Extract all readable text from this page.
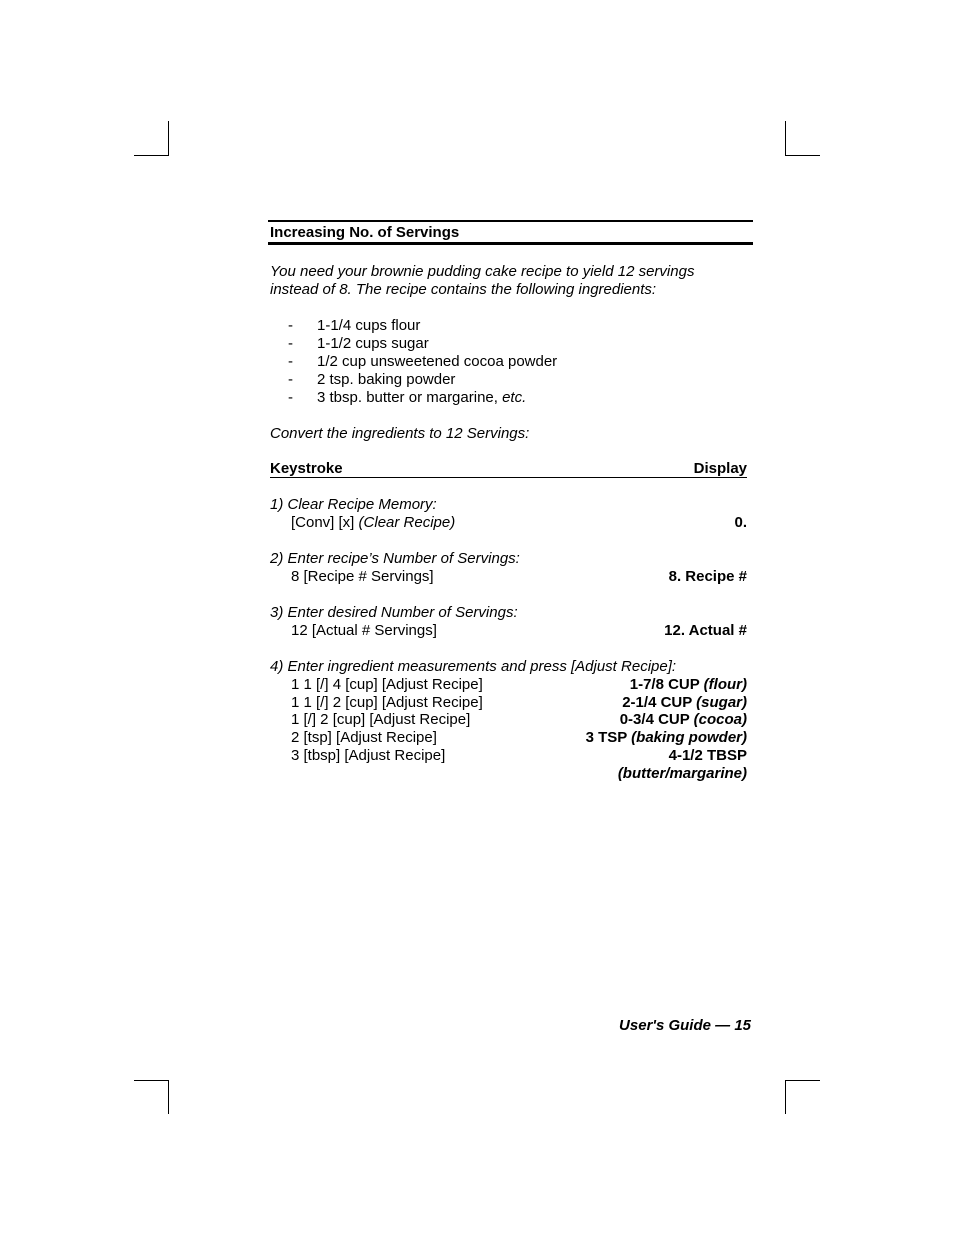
Increasing No. of Servings
You need your brownie pudding cake recipe to yield 12 servings
instead of 8. The recipe contains the following ingredients:
- 1-1/4 cups flour
- 1-1/2 cups sugar
- 1/2 cup unsweetened cocoa powder
- 2 tsp. baking powder
- 3 tbsp. butter or margarine, etc.
Convert the ingredients to 12 Servings:
Keystroke	Display
1) Clear Recipe Memory:
[Conv] [x] (Clear Recipe)	0.
2) Enter recipe’s Number of Servings:
8 [Recipe # Servings]	8. Recipe #
3) Enter desired Number of Servings:
12 [Actual # Servings]	12. Actual #
4) Enter ingredient measurements and press [Adjust Recipe]:
1 1 [/] 4 [cup] [Adjust Recipe]	1-7/8 CUP (flour)
1 1 [/] 2 [cup] [Adjust Recipe]	2-1/4 CUP (sugar)
1 [/] 2 [cup] [Adjust Recipe]	0-3/4 CUP (cocoa)
2 [tsp] [Adjust Recipe]	3 TSP (baking powder)
3 [tbsp] [Adjust Recipe]	4-1/2 TBSP
(butter/margarine)
User's Guide — 15
